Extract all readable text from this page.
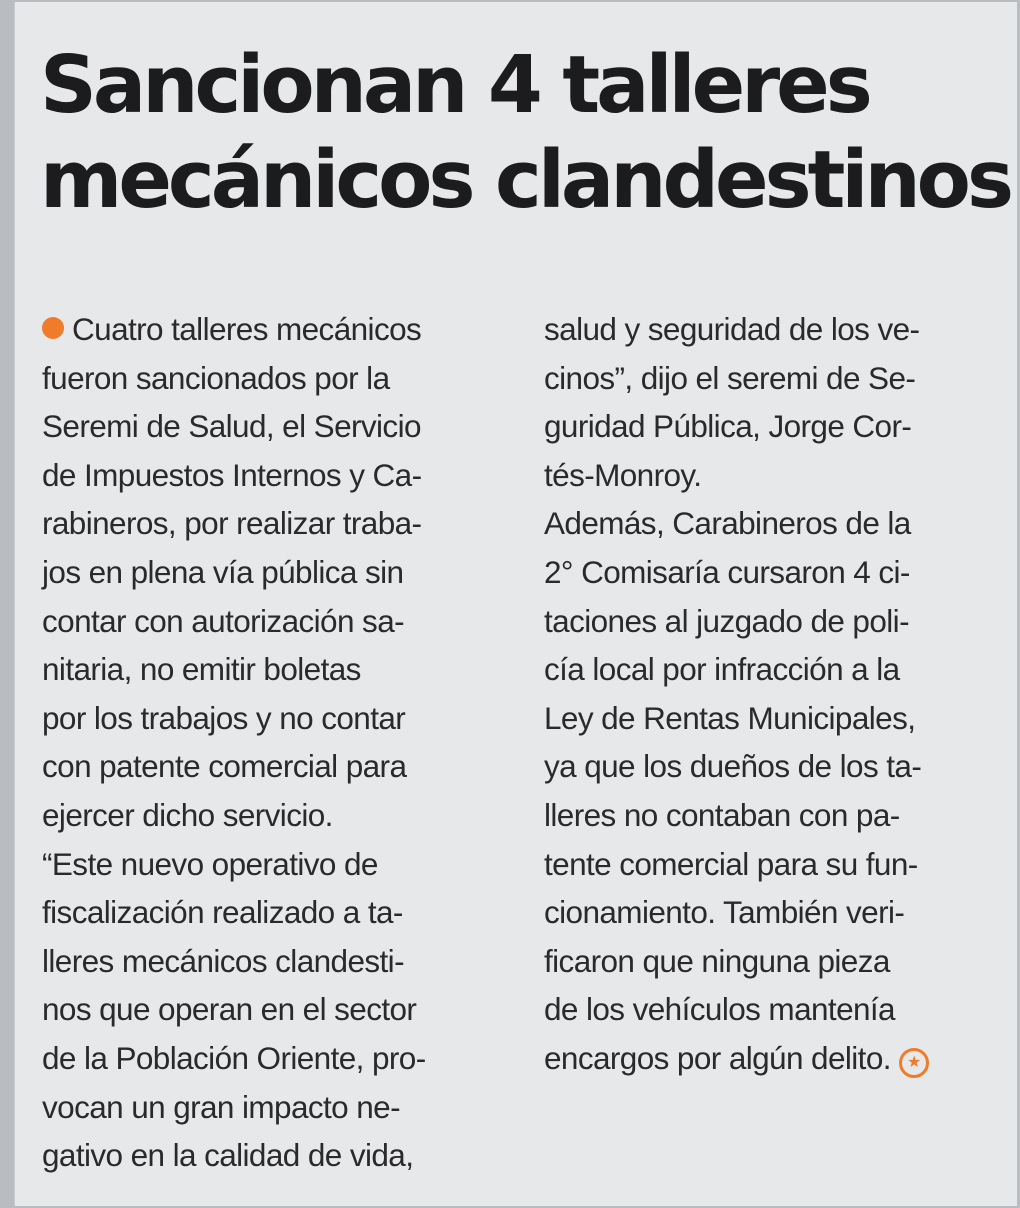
Sancionan 4 talleres
mecánicos clandestinos
Cuatro talleres mecánicos
fueron sancionados por la
Seremi de Salud, el Servicio
de Impuestos Internos y Ca-
rabineros, por realizar traba-
jos en plena vía pública sin
contar con autorización sa-
nitaria, no emitir boletas
por los trabajos y no contar
con patente comercial para
ejercer dicho servicio.
“Este nuevo operativo de
fiscalización realizado a ta-
lleres mecánicos clandesti-
nos que operan en el sector
de la Población Oriente, pro-
vocan un gran impacto ne-
gativo en la calidad de vida,
salud y seguridad de los ve-
cinos”, dijo el seremi de Se-
guridad Pública, Jorge Cor-
tés-Monroy.
Además, Carabineros de la
2° Comisaría cursaron 4 ci-
taciones al juzgado de poli-
cía local por infracción a la
Ley de Rentas Municipales,
ya que los dueños de los ta-
lleres no contaban con pa-
tente comercial para su fun-
cionamiento. También veri-
ficaron que ninguna pieza
de los vehículos mantenía
encargos por algún delito. ★
